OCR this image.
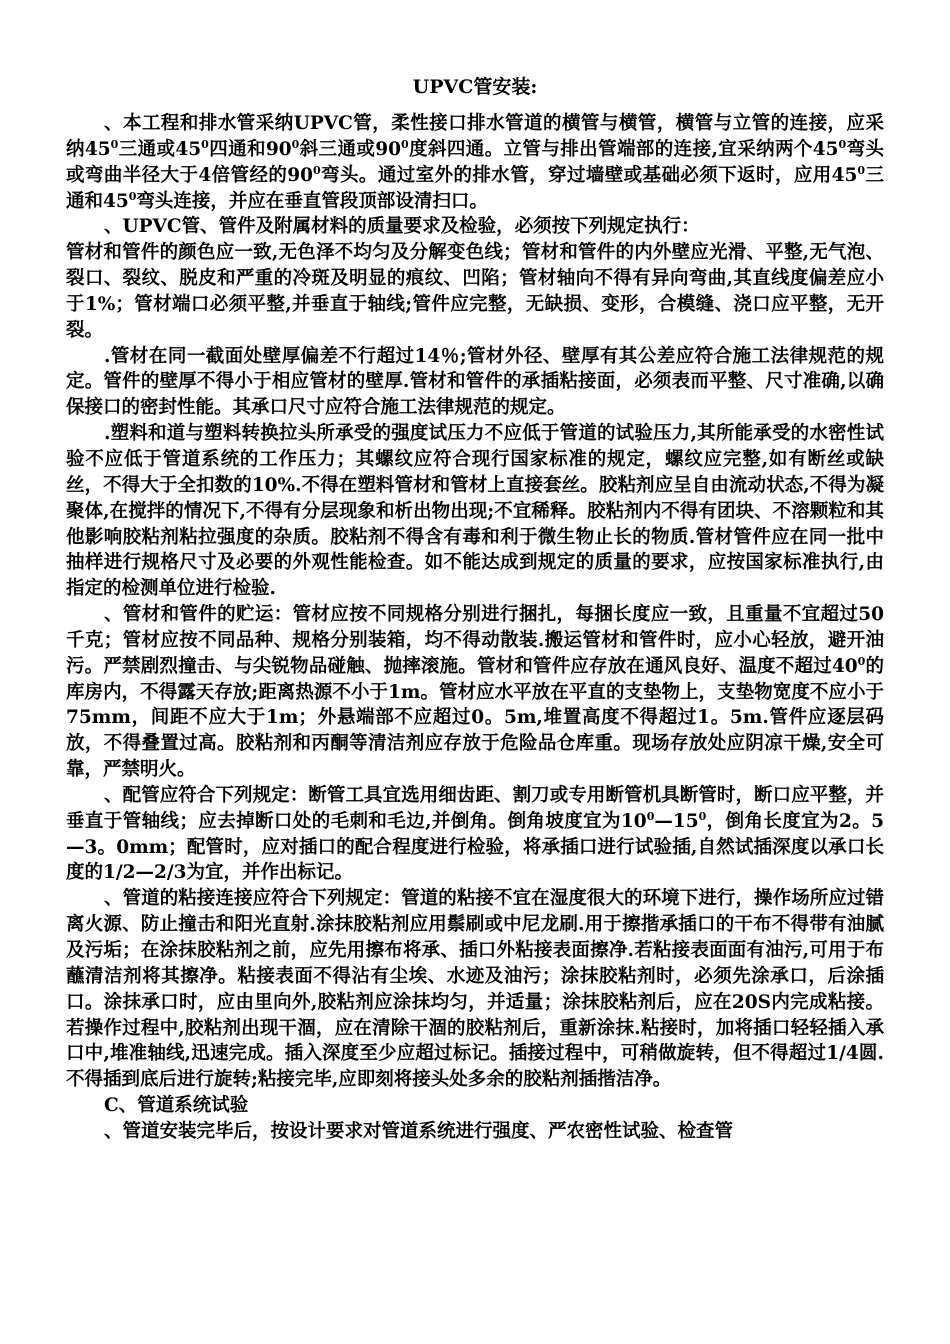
UPVC管安装:

、本工程和排水管采纳UPVC管，柔性接口排水管道的横管与横管，横管与立管的连接，应采纳$45^0$三通或$45^0$四通和$90^0$斜三通或$90^0$度斜四通。立管与排出管端部的连接,宜采纳两个$45^0$弯头或弯曲半径大于4倍管经的$90^0$弯头。通过室外的排水管，穿过墙壁或基础必须下返时，应用$45^0$三通和$45^0$弯头连接，并应在垂直管段顶部设清扫口。

、UPVC管、管件及附属材料的质量要求及检验，必须按下列规定执行：

管材和管件的颜色应一致,无色泽不均匀及分解变色线；管材和管件的内外壁应光滑、平整,无气泡、裂口、裂纹、脱皮和严重的冷斑及明显的痕纹、凹陷；管材轴向不得有异向弯曲,其直线度偏差应小于1%；管材端口必须平整,并垂直于轴线;管件应完整，无缺损、变形，合模缝、浇口应平整，无开裂。

.管材在同一截面处壁厚偏差不行超过14％;管材外径、壁厚有其公差应符合施工法律规范的规定。管件的壁厚不得小于相应管材的壁厚.管材和管件的承插粘接面，必须表而平整、尺寸准确,以确保接口的密封性能。其承口尺寸应符合施工法律规范的规定。

.塑料和道与塑料转换拉头所承受的强度试压力不应低于管道的试验压力,其所能承受的水密性试验不应低于管道系统的工作压力；其螺纹应符合现行国家标准的规定，螺纹应完整,如有断丝或缺丝，不得大于全扣数的10%.不得在塑料管材和管材上直接套丝。胶粘剂应呈自由流动状态,不得为凝聚体,在搅拌的情况下,不得有分层现象和析出物出现;不宜稀释。胶粘剂内不得有团块、不溶颗粒和其他影响胶粘剂粘拉强度的杂质。胶粘剂不得含有毒和利于微生物止长的物质.管材管件应在同一批中抽样进行规格尺寸及必要的外观性能检查。如不能达成到规定的质量的要求，应按国家标准执行,由指定的检测单位进行检验.

、管材和管件的贮运：管材应按不同规格分别进行捆扎，每捆长度应一致，且重量不宜超过50千克；管材应按不同品种、规格分别装箱，均不得动散装.搬运管材和管件时，应小心轻放，避开油污。严禁剧烈撞击、与尖锐物品碰触、抛摔滚施。管材和管件应存放在通风良好、温度不超过$40^0$的库房内，不得露天存放;距离热源不小于1m。管材应水平放在平直的支垫物上，支垫物宽度不应小于75mm，间距不应大于1m；外悬端部不应超过0。5m,堆置高度不得超过1。5m.管件应逐层码放，不得叠置过高。胶粘剂和丙酮等清洁剂应存放于危险品仓库重。现场存放处应阴凉干燥,安全可靠，严禁明火。

、配管应符合下列规定：断管工具宜选用细齿距、割刀或专用断管机具断管时，断口应平整，并垂直于管轴线；应去掉断口处的毛刺和毛边,并倒角。倒角坡度宜为$10^0—15^0$，倒角长度宜为2。5—3。0mm；配管时，应对插口的配合程度进行检验，将承插口进行试验插,自然试插深度以承口长度的1/2—2/3为宜，并作出标记。

、管道的粘接连接应符合下列规定：管道的粘接不宜在湿度很大的环境下进行，操作场所应过错离火源、防止撞击和阳光直射.涂抹胶粘剂应用鬃刷或中尼龙刷.用于擦揩承插口的干布不得带有油腻及污垢；在涂抹胶粘剂之前，应先用擦布将承、插口外粘接表面擦净.若粘接表面面有油污,可用于布蘸清洁剂将其擦净。粘接表面不得沾有尘埃、水迹及油污；涂抹胶粘剂时，必须先涂承口，后涂插口。涂抹承口时，应由里向外,胶粘剂应涂抹均匀，并适量；涂抹胶粘剂后，应在20S内完成粘接。若操作过程中,胶粘剂出现干涸，应在清除干涸的胶粘剂后，重新涂抹.粘接时，加将插口轻轻插入承口中,堆准轴线,迅速完成。插入深度至少应超过标记。插接过程中，可稍做旋转，但不得超过1/4圆.不得插到底后进行旋转;粘接完毕,应即刻将接头处多余的胶粘剂插揩洁净。

C、管道系统试验

、管道安装完毕后，按设计要求对管道系统进行强度、严农密性试验、检查管
